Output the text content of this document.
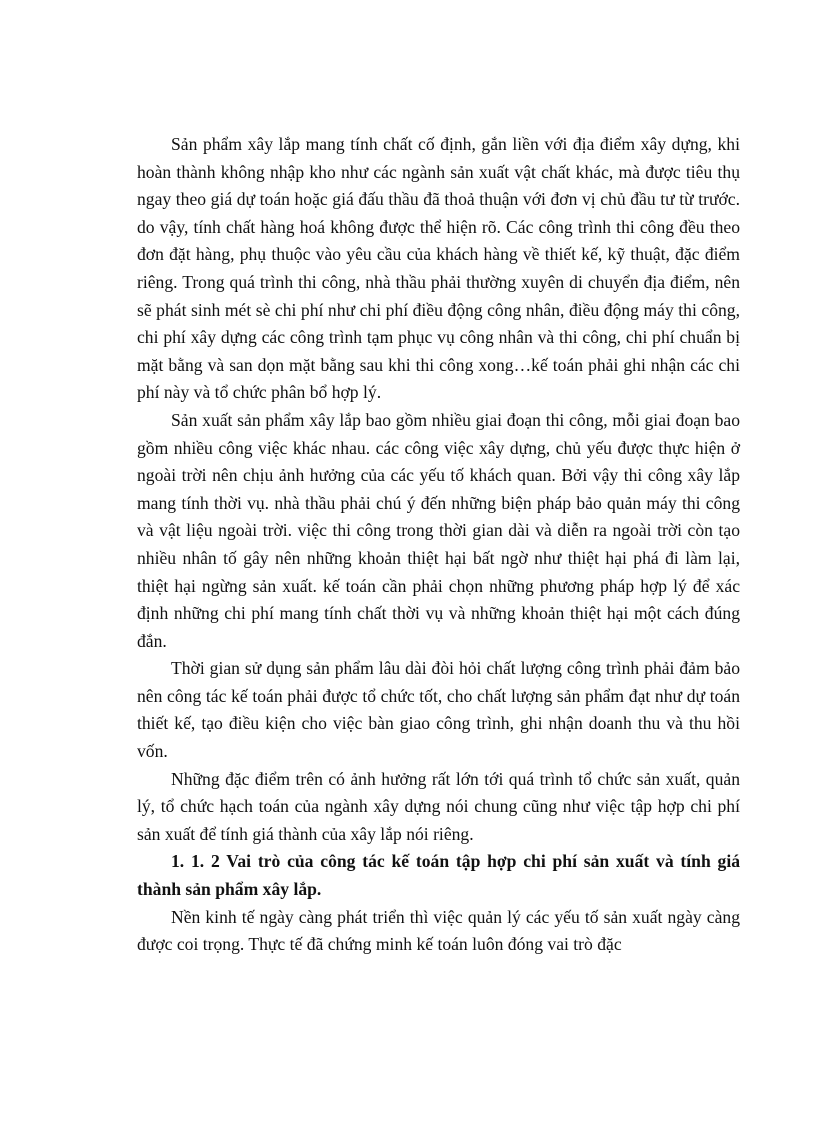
Sản phẩm xây lắp mang tính chất cố định, gắn liền với địa điểm xây dựng, khi hoàn thành không nhập kho như các ngành sản xuất vật chất khác, mà được tiêu thụ ngay theo giá dự toán hoặc giá đấu thầu đã thoả thuận với đơn vị chủ đầu tư từ trước. do vậy, tính chất hàng hoá không được thể hiện rõ. Các công trình thi công đều theo đơn đặt hàng, phụ thuộc vào yêu cầu của khách hàng về thiết kế, kỹ thuật, đặc điểm riêng. Trong quá trình thi công, nhà thầu phải thường xuyên di chuyển địa điểm, nên sẽ phát sinh mét sè chi phí như chi phí điều động công nhân, điều động máy thi công, chi phí xây dựng các công trình tạm phục vụ công nhân và thi công, chi phí chuẩn bị mặt bằng và san dọn mặt bằng sau khi thi công xong…kế toán phải ghi nhận các chi phí này và tổ chức phân bổ hợp lý.

Sản xuất sản phẩm xây lắp bao gồm nhiều giai đoạn thi công, mỗi giai đoạn bao gồm nhiều công việc khác nhau. các công việc xây dựng, chủ yếu được thực hiện ở ngoài trời nên chịu ảnh hưởng của các yếu tố khách quan. Bởi vậy thi công xây lắp mang tính thời vụ. nhà thầu phải chú ý đến những biện pháp bảo quản máy thi công và vật liệu ngoài trời. việc thi công trong thời gian dài và diễn ra ngoài trời còn tạo nhiều nhân tố gây nên những khoản thiệt hại bất ngờ như thiệt hại phá đi làm lại, thiệt hại ngừng sản xuất. kế toán cần phải chọn những phương pháp hợp lý để xác định những chi phí mang tính chất thời vụ và những khoản thiệt hại một cách đúng đắn.

Thời gian sử dụng sản phẩm lâu dài đòi hỏi chất lượng công trình phải đảm bảo nên công tác kế toán phải được tổ chức tốt, cho chất lượng sản phẩm đạt như dự toán thiết kế, tạo điều kiện cho việc bàn giao công trình, ghi nhận doanh thu và thu hồi vốn.

Những đặc điểm trên có ảnh hưởng rất lớn tới quá trình tổ chức sản xuất, quản lý, tổ chức hạch toán của ngành xây dựng nói chung cũng như việc tập hợp chi phí sản xuất để tính giá thành của xây lắp nói riêng.

1. 1. 2 Vai trò của công tác kế toán tập hợp chi phí sản xuất và tính giá thành sản phẩm xây lắp.

Nền kinh tế ngày càng phát triển thì việc quản lý các yếu tố sản xuất ngày càng được coi trọng. Thực tế đã chứng minh kế toán luôn đóng vai trò đặc
